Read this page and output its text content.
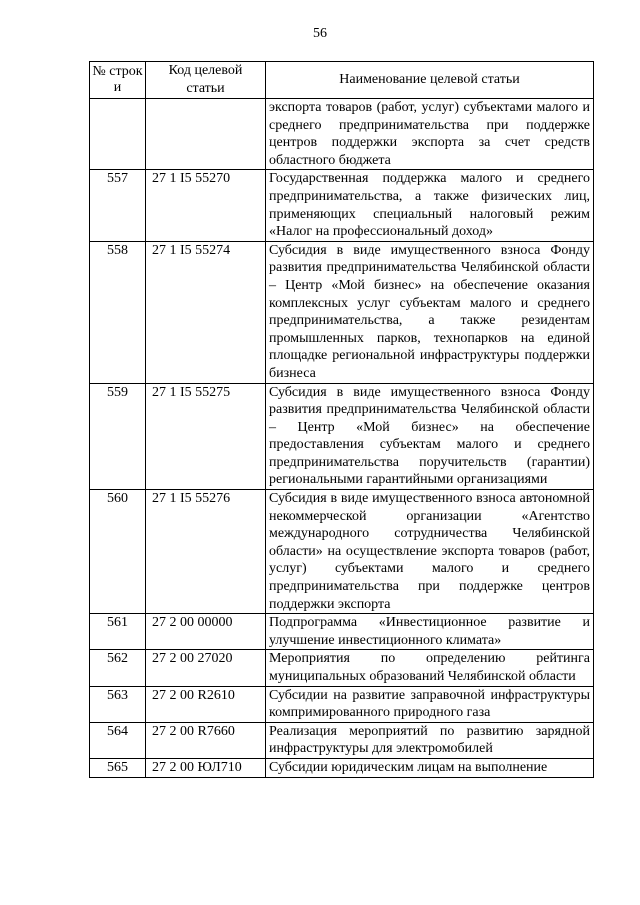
56
№ строк и	Код целевой статьи	Наименование целевой статьи
		экспорта товаров (работ, услуг) субъектами малого и среднего предпринимательства при поддержке центров поддержки экспорта за счет средств областного бюджета
557	27 1 I5 55270	Государственная поддержка малого и среднего предпринимательства, а также физических лиц, применяющих специальный налоговый режим «Налог на профессиональный доход»
558	27 1 I5 55274	Субсидия в виде имущественного взноса Фонду развития предпринимательства Челябинской области – Центр «Мой бизнес» на обеспечение оказания комплексных услуг субъектам малого и среднего предпринимательства, а также резидентам промышленных парков, технопарков на единой площадке региональной инфраструктуры поддержки бизнеса
559	27 1 I5 55275	Субсидия в виде имущественного взноса Фонду развития предпринимательства Челябинской области – Центр «Мой бизнес» на обеспечение предоставления субъектам малого и среднего предпринимательства поручительств (гарантии) региональными гарантийными организациями
560	27 1 I5 55276	Субсидия в виде имущественного взноса автономной некоммерческой организации «Агентство международного сотрудничества Челябинской области» на осуществление экспорта товаров (работ, услуг) субъектами малого и среднего предпринимательства при поддержке центров поддержки экспорта
561	27 2 00 00000	Подпрограмма «Инвестиционное развитие и улучшение инвестиционного климата»
562	27 2 00 27020	Мероприятия по определению рейтинга муниципальных образований Челябинской области
563	27 2 00 R2610	Субсидии на развитие заправочной инфраструктуры компримированного природного газа
564	27 2 00 R7660	Реализация мероприятий по развитию зарядной инфраструктуры для электромобилей
565	27 2 00 ЮЛ710	Субсидии юридическим лицам на выполнение
